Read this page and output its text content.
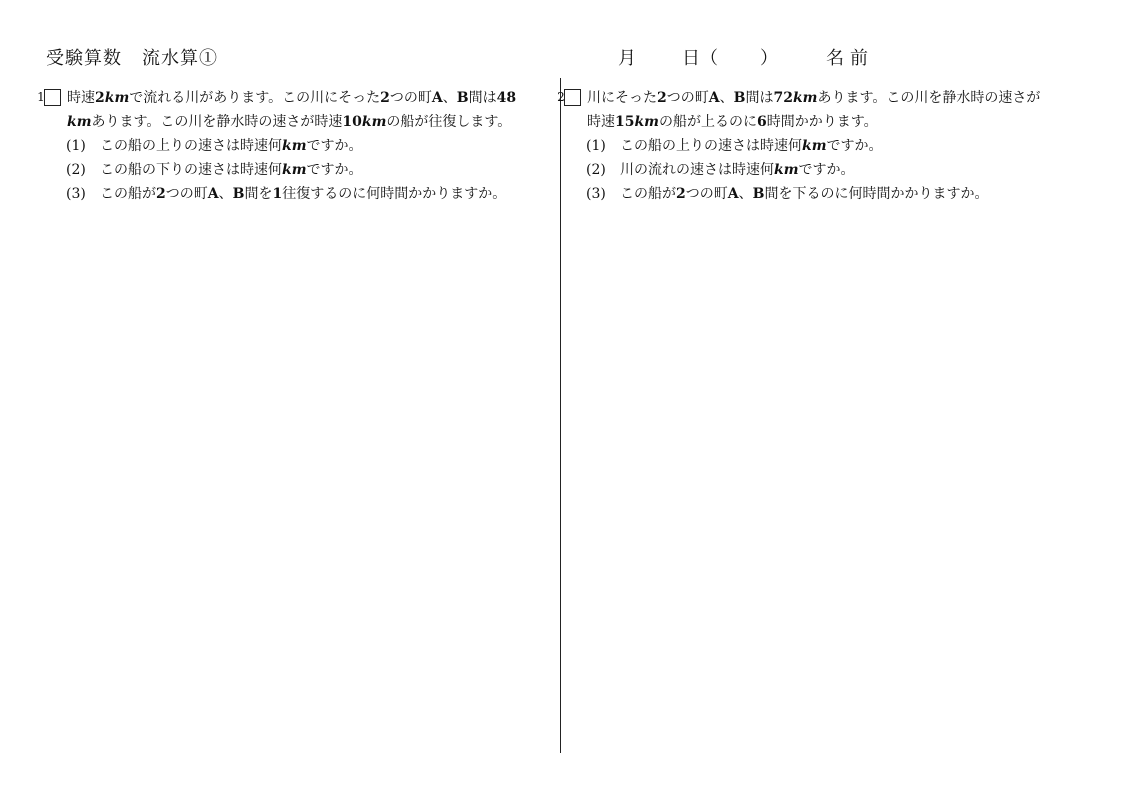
受験算数 流水算①	月	日（ ）	名前

1 時速2kmで流れる川があります。この川にそった2つの町A、B間は48
kmあります。この川を静水時の速さが時速10kmの船が往復します。

(1) この船の上りの速さは時速何kmですか。

(2) この船の下りの速さは時速何kmですか。

(3) この船が2つの町A、B間を1往復するのに何時間かかりますか。

2 川にそった2つの町A、B間は72kmあります。この川を静水時の速さが
時速15kmの船が上るのに6時間かかります。

(1) この船の上りの速さは時速何kmですか。

(2) 川の流れの速さは時速何kmですか。

(3) この船が2つの町A、B間を下るのに何時間かかりますか。
